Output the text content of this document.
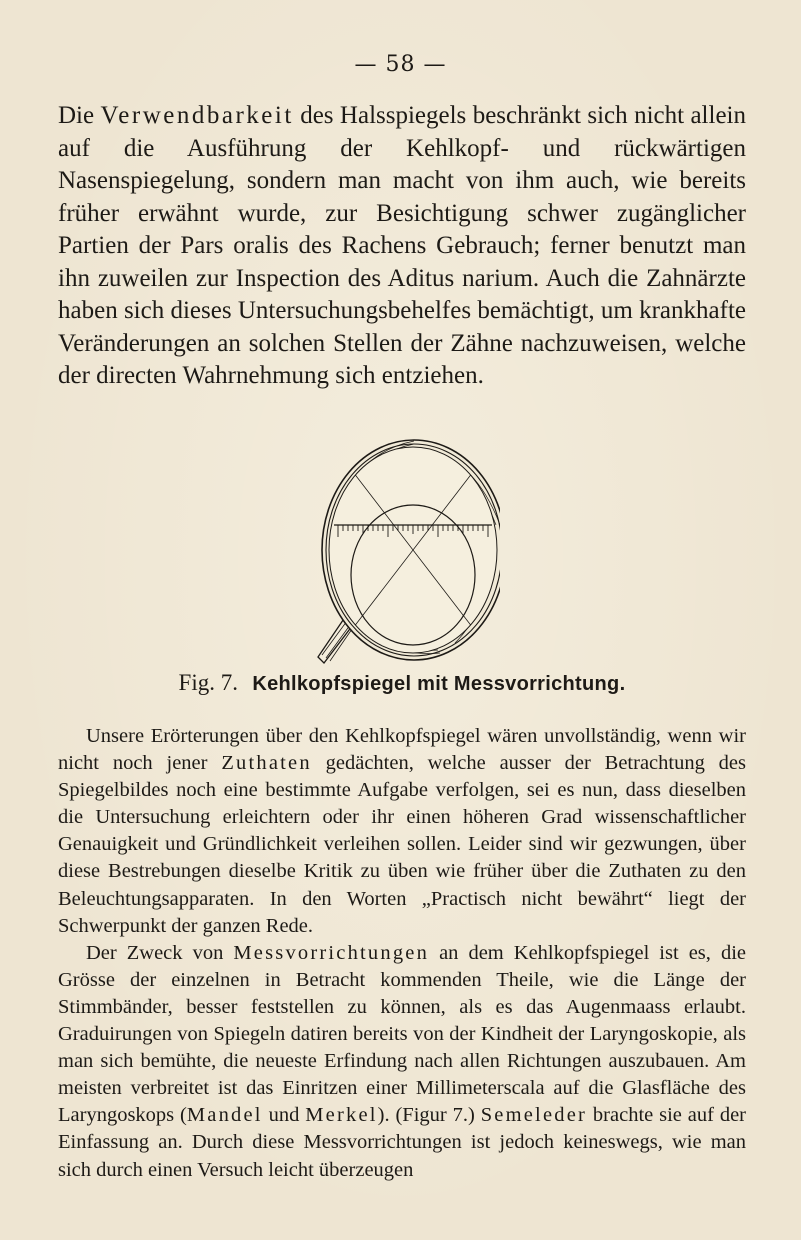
— 58 —
Die Verwendbarkeit des Halsspiegels beschränkt sich nicht allein auf die Ausführung der Kehlkopf- und rückwärtigen Nasenspiegelung, sondern man macht von ihm auch, wie bereits früher erwähnt wurde, zur Besichtigung schwer zugänglicher Partien der Pars oralis des Rachens Gebrauch; ferner benutzt man ihn zuweilen zur Inspection des Aditus narium. Auch die Zahnärzte haben sich dieses Untersuchungsbehelfes bemächtigt, um krankhafte Veränderungen an solchen Stellen der Zähne nachzuweisen, welche der directen Wahrnehmung sich entziehen.
Fig. 7. Kehlkopfspiegel mit Messvorrichtung.

Unsere Erörterungen über den Kehlkopfspiegel wären unvollständig, wenn wir nicht noch jener Zuthaten gedächten, welche ausser der Betrachtung des Spiegelbildes noch eine bestimmte Aufgabe verfolgen, sei es nun, dass dieselben die Untersuchung erleichtern oder ihr einen höheren Grad wissenschaftlicher Genauigkeit und Gründlichkeit verleihen sollen. Leider sind wir gezwungen, über diese Bestrebungen dieselbe Kritik zu üben wie früher über die Zuthaten zu den Beleuchtungsapparaten. In den Worten „Practisch nicht bewährt“ liegt der Schwerpunkt der ganzen Rede.

Der Zweck von Messvorrichtungen an dem Kehlkopfspiegel ist es, die Grösse der einzelnen in Betracht kommenden Theile, wie die Länge der Stimmbänder, besser feststellen zu können, als es das Augenmaass erlaubt. Graduirungen von Spiegeln datiren bereits von der Kindheit der Laryngoskopie, als man sich bemühte, die neueste Erfindung nach allen Richtungen auszubauen. Am meisten verbreitet ist das Einritzen einer Millimeterscala auf die Glasfläche des Laryngoskops (Mandel und Merkel). (Figur 7.) Semeleder brachte sie auf der Einfassung an. Durch diese Messvorrichtungen ist jedoch keineswegs, wie man sich durch einen Versuch leicht überzeugen
